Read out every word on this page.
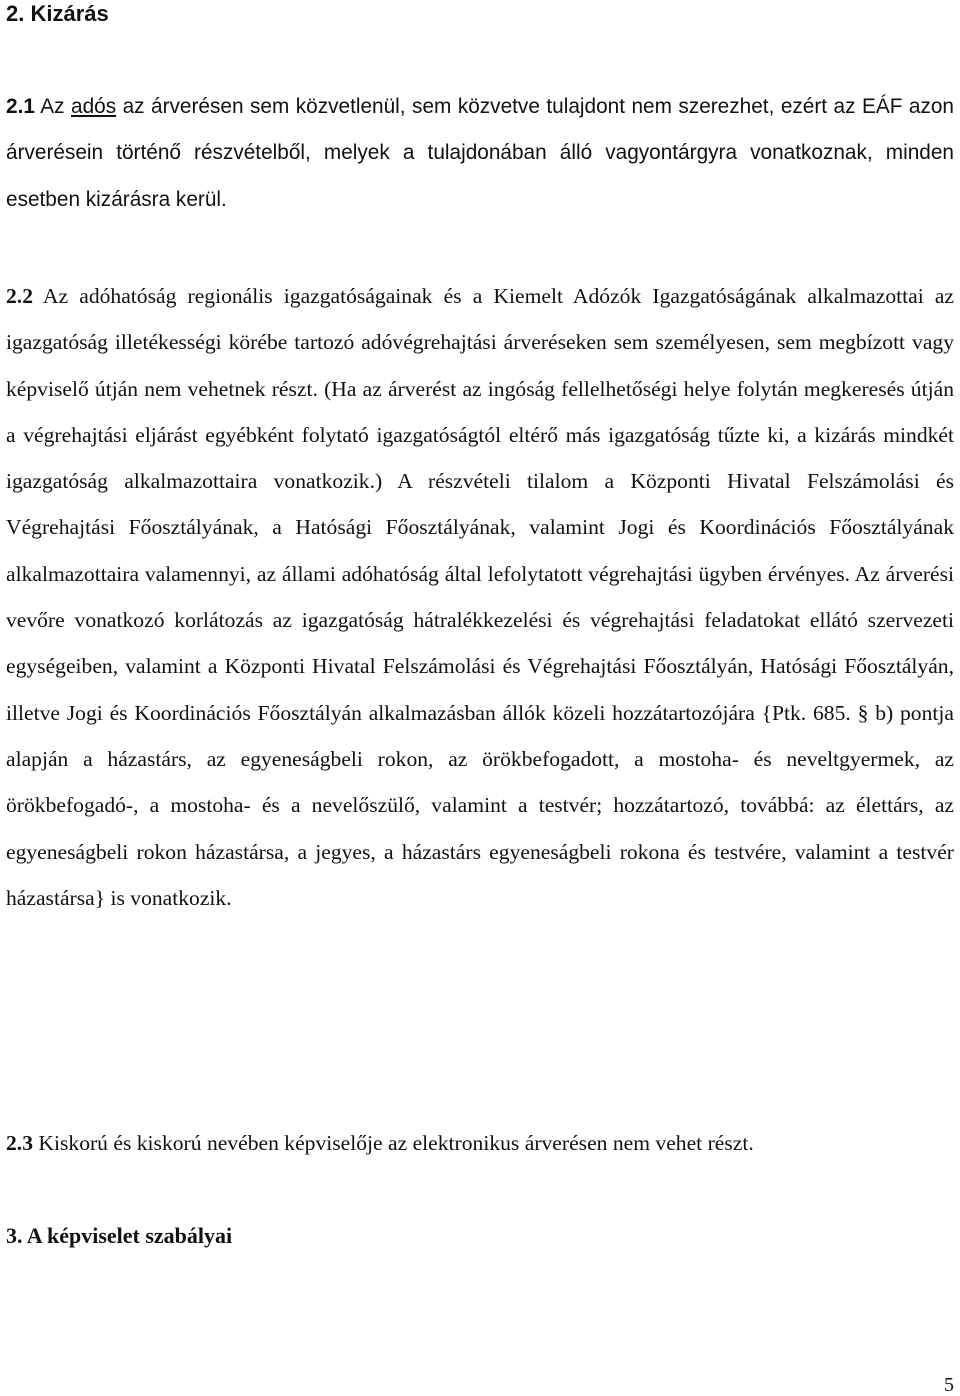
2. Kizárás

2.1 Az adós az árverésen sem közvetlenül, sem közvetve tulajdont nem szerezhet, ezért az EÁF azon árverésein történő részvételből, melyek a tulajdonában álló vagyontárgyra vonatkoznak, minden esetben kizárásra kerül.

2.2 Az adóhatóság regionális igazgatóságainak és a Kiemelt Adózók Igazgatóságának alkalmazottai az igazgatóság illetékességi körébe tartozó adóvégrehajtási árveréseken sem személyesen, sem megbízott vagy képviselő útján nem vehetnek részt. (Ha az árverést az ingóság fellelhetőségi helye folytán megkeresés útján a végrehajtási eljárást egyébként folytató igazgatóságtól eltérő más igazgatóság tűzte ki, a kizárás mindkét igazgatóság alkalmazottaira vonatkozik.) A részvételi tilalom a Központi Hivatal Felszámolási és Végrehajtási Főosztályának, a Hatósági Főosztályának, valamint Jogi és Koordinációs Főosztályának alkalmazottaira valamennyi, az állami adóhatóság által lefolytatott végrehajtási ügyben érvényes. Az árverési vevőre vonatkozó korlátozás az igazgatóság hátralékkezelési és végrehajtási feladatokat ellátó szervezeti egységeiben, valamint a Központi Hivatal Felszámolási és Végrehajtási Főosztályán, Hatósági Főosztályán, illetve Jogi és Koordinációs Főosztályán alkalmazásban állók közeli hozzátartozójára {Ptk. 685. § b) pontja alapján a házastárs, az egyeneságbeli rokon, az örökbefogadott, a mostoha- és neveltgyermek, az örökbefogadó-, a mostoha- és a nevelőszülő, valamint a testvér; hozzátartozó, továbbá: az élettárs, az egyeneságbeli rokon házastársa, a jegyes, a házastárs egyeneságbeli rokona és testvére, valamint a testvér házastársa} is vonatkozik.

2.3 Kiskorú és kiskorú nevében képviselője az elektronikus árverésen nem vehet részt.

3. A képviselet szabályai

5
